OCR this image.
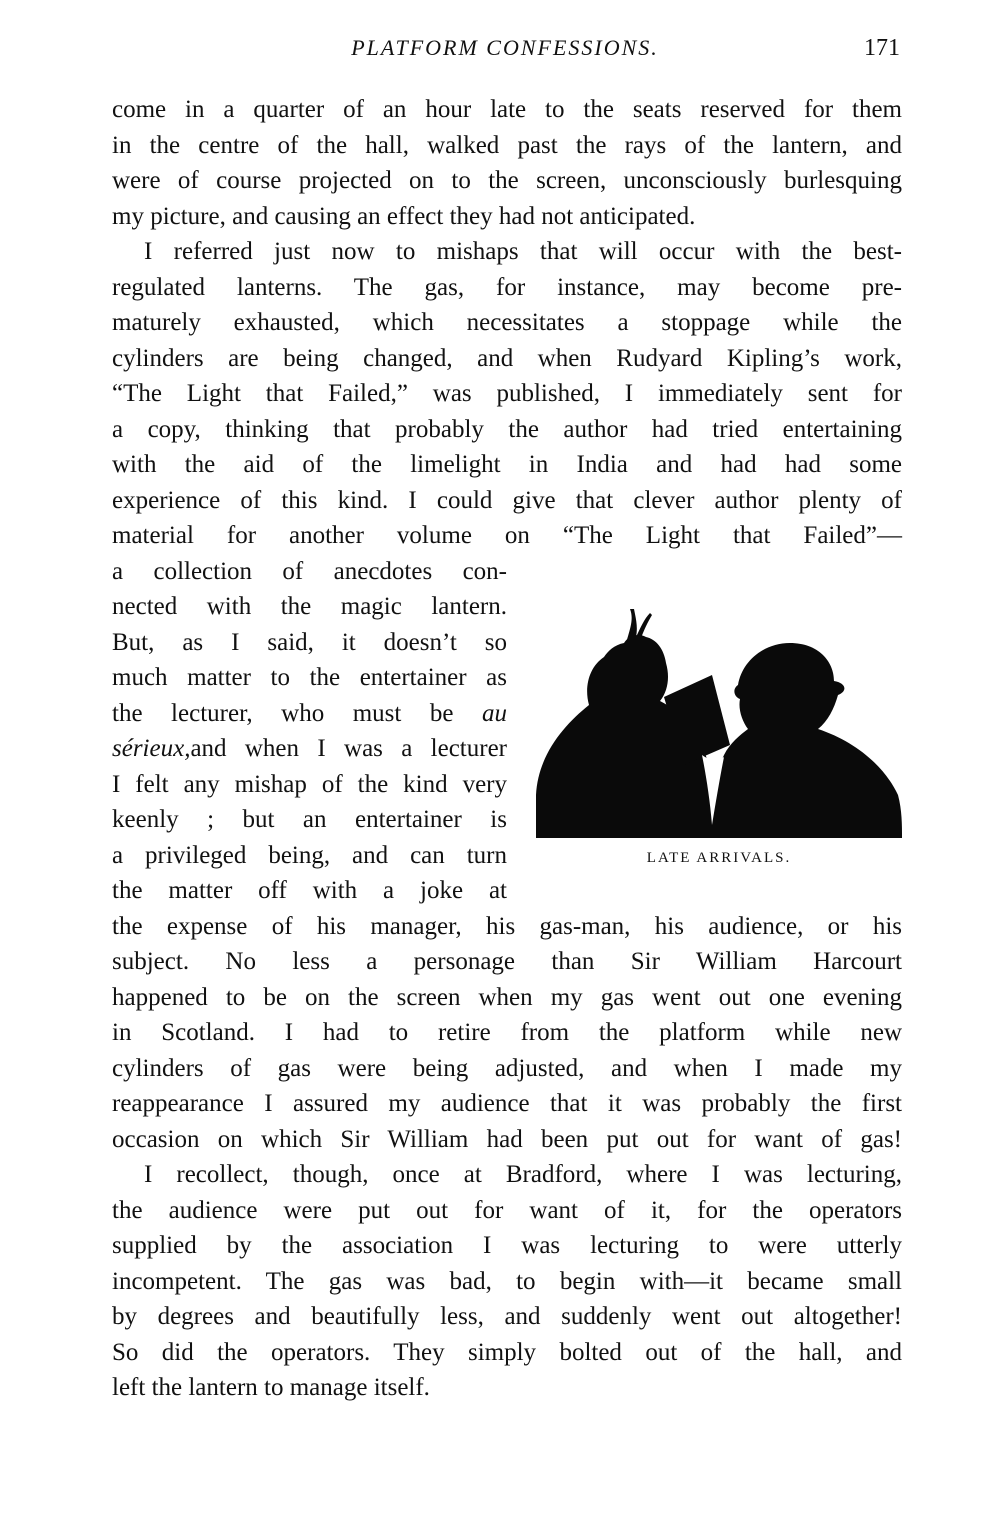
PLATFORM CONFESSIONS.	171
come in a quarter of an hour late to the seats reserved for them
in the centre of the hall, walked past the rays of the lantern, and
were of course projected on to the screen, unconsciously burlesquing
my picture, and causing an effect they had not anticipated.
I referred just now to mishaps that will occur with the best-
regulated lanterns. The gas, for instance, may become pre-
maturely exhausted, which necessitates a stoppage while the
cylinders are being changed, and when Rudyard Kipling’s work,
“The Light that Failed,” was published, I immediately sent for
a copy, thinking that probably the author had tried entertaining
with the aid of the limelight in India and had had some
experience of this kind. I could give that clever author plenty of
material for another volume on “The Light that Failed”—
a collection of anecdotes con-
nected with the magic lantern.
But, as I said, it doesn’t so
much matter to the entertainer as
the lecturer, who must be au
sérieux,and when I was a lecturer
I felt any mishap of the kind very
keenly ; but an entertainer is
a privileged being, and can turn
the matter off with a joke at
the expense of his manager, his gas-man, his audience, or his
subject. No less a personage than Sir William Harcourt
happened to be on the screen when my gas went out one evening
in Scotland. I had to retire from the platform while new
cylinders of gas were being adjusted, and when I made my
reappearance I assured my audience that it was probably the first
occasion on which Sir William had been put out for want of gas!
I recollect, though, once at Bradford, where I was lecturing,
the audience were put out for want of it, for the operators
supplied by the association I was lecturing to were utterly
incompetent. The gas was bad, to begin with—it became small
by degrees and beautifully less, and suddenly went out altogether!
So did the operators. They simply bolted out of the hall, and
left the lantern to manage itself.
LATE ARRIVALS.
